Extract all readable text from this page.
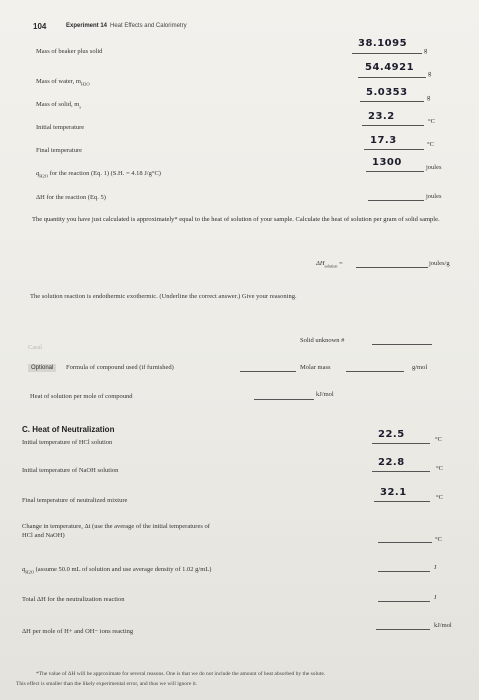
104	Experiment 14 Heat Effects and Calorimetry
Mass of beaker plus solid
38.1095
g
Mass of water, $m_{H2O}$
54.4921
g
Mass of solid, $m_s$
5.0353	g
Initial temperature
23.2	°C
Final temperature
17.3	°C
$q_{H2O}$ for the reaction (Eq. 1) (S.H. = 4.18 J/g°C)
1300	joules
ΔH for the reaction (Eq. 5)	joules
The quantity you have just calculated is approximately* equal to the heat of solution of your sample. Calculate the heat of solution per gram of solid sample.
$\Delta H_{solution}$ =	joules/g
The solution reaction is endothermic exothermic. (Underline the correct answer.) Give your reasoning.
Solid unknown #
Caral
Optional	Formula of compound used (if furnished)	Molar mass	g/mol
Heat of solution per mole of compound	kJ/mol
C. Heat of Neutralization
Initial temperature of HCl solution
22.5	°C
Initial temperature of NaOH solution
22.8
°C
Final temperature of neutralized mixture
32.1	°C
Change in temperature, Δt (use the average of the initial temperatures of
HCl and NaOH)
°C
$q_{H2O}$ (assume 50.0 mL of solution and use average density of 1.02 g/mL)	J
Total ΔH for the neutralization reaction	J
ΔH per mole of H+ and OH− ions reacting
kJ/mol
*The value of ΔH will be approximate for several reasons. One is that we do not include the amount of heat absorbed by the solute.
This effect is smaller than the likely experimental error, and thus we will ignore it.
